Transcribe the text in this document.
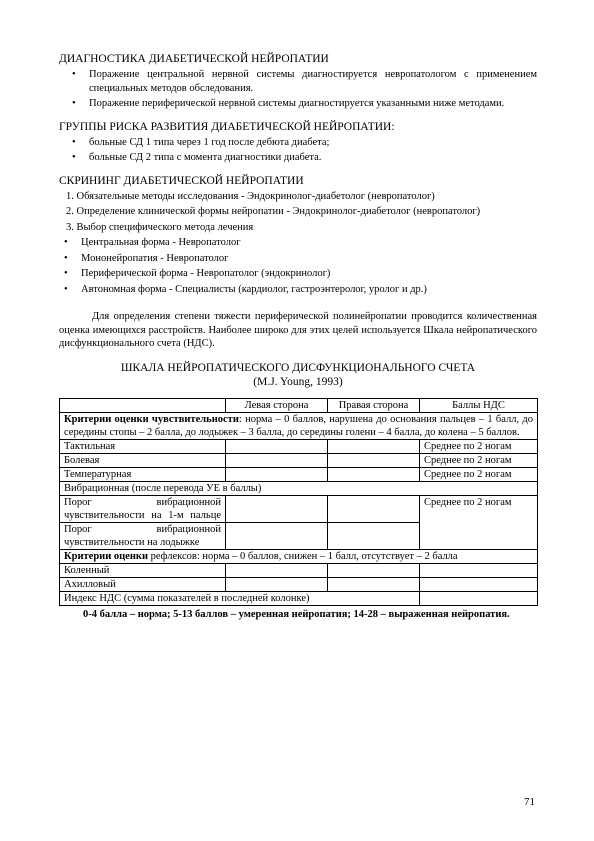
ДИАГНОСТИКА ДИАБЕТИЧЕСКОЙ НЕЙРОПАТИИ
• Поражение центральной нервной системы диагностируется невропатологом с применением специальных методов обследования.
• Поражение периферической нервной системы диагностируется указанными ниже методами.
ГРУППЫ РИСКА РАЗВИТИЯ ДИАБЕТИЧЕСКОЙ НЕЙРОПАТИИ:
• больные СД 1 типа через 1 год после дебюта диабета;
• больные СД 2 типа с момента диагностики диабета.
СКРИНИНГ ДИАБЕТИЧЕСКОЙ НЕЙРОПАТИИ
1. Обязательные методы исследования - Эндокринолог-диабетолог (невропатолог)
2. Определение клинической формы нейропатии - Эндокринолог-диабетолог (невропатолог)
3. Выбор специфического метода лечения
• Центральная форма - Невропатолог
• Мононейропатия - Невропатолог
• Периферической форма - Невропатолог (эндокринолог)
• Автономная форма - Специалисты (кардиолог, гастроэнтеролог, уролог и др.)

Для определения степени тяжести периферической полинейропатии проводится количественная оценка имеющихся расстройств. Наиболее широко для этих целей используется Шкала нейропатического дисфункционального счета (НДС).

ШКАЛА НЕЙРОПАТИЧЕСКОГО ДИСФУНКЦИОНАЛЬНОГО СЧЕТА
(M.J. Young, 1993)
	Левая сторона	Правая сторона	Баллы НДС
Критерии оценки чувствительности: норма – 0 баллов, нарушена до основания пальцев – 1 балл, до середины стопы – 2 балла, до лодыжек – 3 балла, до середины голени – 4 балла, до колена – 5 баллов.			
Тактильная			Среднее по 2 ногам
Болевая			Среднее по 2 ногам
Температурная			Среднее по 2 ногам
Вибрационная (после перевода УЕ в баллы)			
Порог вибрационной чувствительности на 1-м пальце			Среднее по 2 ногам
Порог вибрационной чувствительности на лодыжке			
Критерии оценки рефлексов: норма – 0 баллов, снижен – 1 балл, отсутствует – 2 балла			
Коленный			
Ахилловый			
Индекс НДС (сумма показателей в последней колонке)			
0-4 балла – норма; 5-13 баллов – умеренная нейропатия; 14-28 – выраженная нейропатия.
71
